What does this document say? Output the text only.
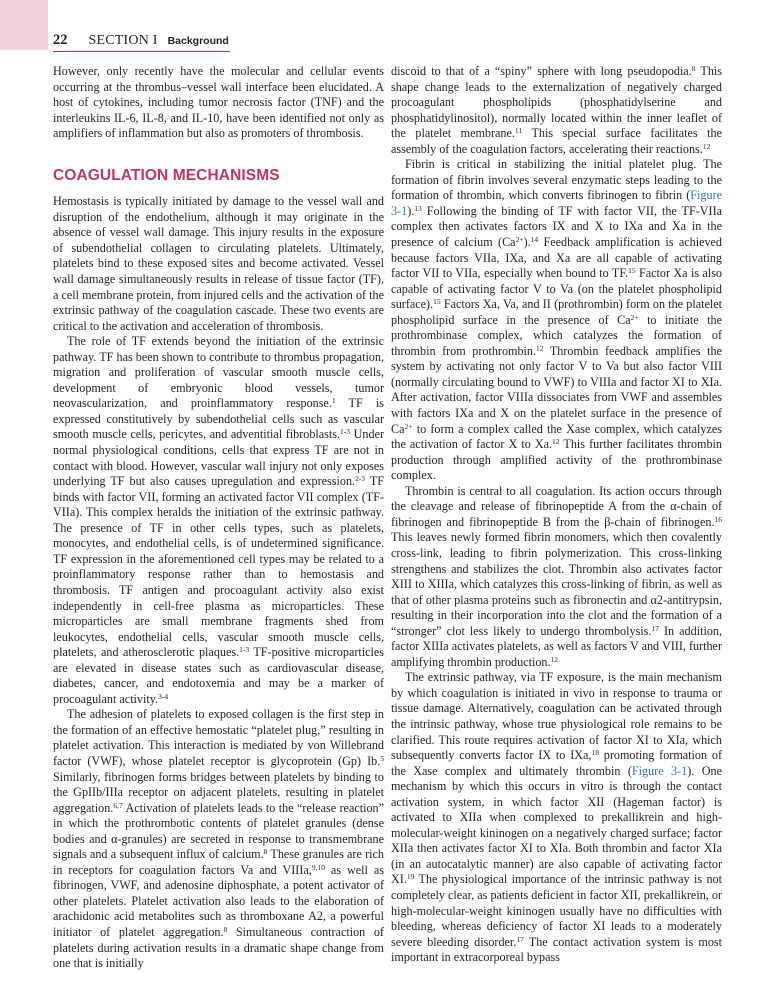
22 SECTION I Background

However, only recently have the molecular and cellular events occurring at the thrombus–vessel wall interface been elucidated. A host of cytokines, including tumor necrosis factor (TNF) and the interleukins IL-6, IL-8, and IL-10, have been identified not only as amplifiers of inflammation but also as promoters of thrombosis.

COAGULATION MECHANISMS

Hemostasis is typically initiated by damage to the vessel wall and disruption of the endothelium, although it may originate in the absence of vessel wall damage. This injury results in the exposure of subendothelial collagen to circulating platelets. Ultimately, platelets bind to these exposed sites and become activated. Vessel wall damage simultaneously results in release of tissue factor (TF), a cell membrane protein, from injured cells and the activation of the extrinsic pathway of the coagulation cascade. These two events are critical to the activation and acceleration of thrombosis.

The role of TF extends beyond the initiation of the extrinsic pathway. TF has been shown to contribute to thrombus propagation, migration and proliferation of vascular smooth muscle cells, development of embryonic blood vessels, tumor neovascularization, and proinflammatory response.$^1$ TF is expressed constitutively by subendothelial cells such as vascular smooth muscle cells, pericytes, and adventitial fibroblasts.$^{1-3}$ Under normal physiological conditions, cells that express TF are not in contact with blood. However, vascular wall injury not only exposes underlying TF but also causes upregulation and expression.$^{2-3}$ TF binds with factor VII, forming an activated factor VII complex (TF-VIIa). This complex heralds the initiation of the extrinsic pathway. The presence of TF in other cells types, such as platelets, monocytes, and endothelial cells, is of undetermined significance. TF expression in the aforementioned cell types may be related to a proinflammatory response rather than to hemostasis and thrombosis. TF antigen and procoagulant activity also exist independently in cell-free plasma as microparticles. These microparticles are small membrane fragments shed from leukocytes, endothelial cells, vascular smooth muscle cells, platelets, and atherosclerotic plaques.$^{1-3}$ TF-positive microparticles are elevated in disease states such as cardiovascular disease, diabetes, cancer, and endotoxemia and may be a marker of procoagulant activity.$^{3-4}$

The adhesion of platelets to exposed collagen is the first step in the formation of an effective hemostatic “platelet plug,” resulting in platelet activation. This interaction is mediated by von Willebrand factor (VWF), whose platelet receptor is glycoprotein (Gp) Ib.$^5$ Similarly, fibrinogen forms bridges between platelets by binding to the GpIIb/IIIa receptor on adjacent platelets, resulting in platelet aggregation.$^{6,7}$ Activation of platelets leads to the “release reaction” in which the prothrombotic contents of platelet granules (dense bodies and α-granules) are secreted in response to transmembrane signals and a subsequent influx of calcium.$^8$ These granules are rich in receptors for coagulation factors Va and VIIIa,$^{9,10}$ as well as fibrinogen, VWF, and adenosine diphosphate, a potent activator of other platelets. Platelet activation also leads to the elaboration of arachidonic acid metabolites such as thromboxane A2, a powerful initiator of platelet aggregation.$^8$ Simultaneous contraction of platelets during activation results in a dramatic shape change from one that is initially

discoid to that of a “spiny” sphere with long pseudopodia.$^8$ This shape change leads to the externalization of negatively charged procoagulant phospholipids (phosphatidylserine and phosphatidylinositol), normally located within the inner leaflet of the platelet membrane.$^{11}$ This special surface facilitates the assembly of the coagulation factors, accelerating their reactions.$^{12}$

Fibrin is critical in stabilizing the initial platelet plug. The formation of fibrin involves several enzymatic steps leading to the formation of thrombin, which converts fibrinogen to fibrin (Figure 3-1).$^{13}$ Following the binding of TF with factor VII, the TF-VIIa complex then activates factors IX and X to IXa and Xa in the presence of calcium $(Ca^{2+}).^{14}$ Feedback amplification is achieved because factors VIIa, IXa, and Xa are all capable of activating factor VII to VIIa, especially when bound to TF.$^{15}$ Factor Xa is also capable of activating factor V to Va (on the platelet phospholipid surface).$^{15}$ Factors Xa, Va, and II (prothrombin) form on the platelet phospholipid surface in the presence of $Ca^{2+}$ to initiate the prothrombinase complex, which catalyzes the formation of thrombin from prothrombin.$^{12}$ Thrombin feedback amplifies the system by activating not only factor V to Va but also factor VIII (normally circulating bound to VWF) to VIIIa and factor XI to XIa. After activation, factor VIIIa dissociates from VWF and assembles with factors IXa and X on the platelet surface in the presence of $Ca^{2+}$ to form a complex called the Xase complex, which catalyzes the activation of factor X to Xa.$^{12}$ This further facilitates thrombin production through amplified activity of the prothrombinase complex.

Thrombin is central to all coagulation. Its action occurs through the cleavage and release of fibrinopeptide A from the α-chain of fibrinogen and fibrinopeptide B from the β-chain of fibrinogen.$^{16}$ This leaves newly formed fibrin monomers, which then covalently cross-link, leading to fibrin polymerization. This cross-linking strengthens and stabilizes the clot. Thrombin also activates factor XIII to XIIIa, which catalyzes this cross-linking of fibrin, as well as that of other plasma proteins such as fibronectin and α2-antitrypsin, resulting in their incorporation into the clot and the formation of a “stronger” clot less likely to undergo thrombolysis.$^{17}$ In addition, factor XIIIa activates platelets, as well as factors V and VIII, further amplifying thrombin production.$^{12}$

The extrinsic pathway, via TF exposure, is the main mechanism by which coagulation is initiated in vivo in response to trauma or tissue damage. Alternatively, coagulation can be activated through the intrinsic pathway, whose true physiological role remains to be clarified. This route requires activation of factor XI to XIa, which subsequently converts factor IX to IXa,$^{18}$ promoting formation of the Xase complex and ultimately thrombin (Figure 3-1). One mechanism by which this occurs in vitro is through the contact activation system, in which factor XII (Hageman factor) is activated to XIIa when complexed to prekallikrein and high-molecular-weight kininogen on a negatively charged surface; factor XIIa then activates factor XI to XIa. Both thrombin and factor XIa (in an autocatalytic manner) are also capable of activating factor XI.$^{19}$ The physiological importance of the intrinsic pathway is not completely clear, as patients deficient in factor XII, prekallikrein, or high-molecular-weight kininogen usually have no difficulties with bleeding, whereas deficiency of factor XI leads to a moderately severe bleeding disorder.$^{17}$ The contact activation system is most important in extracorporeal bypass
